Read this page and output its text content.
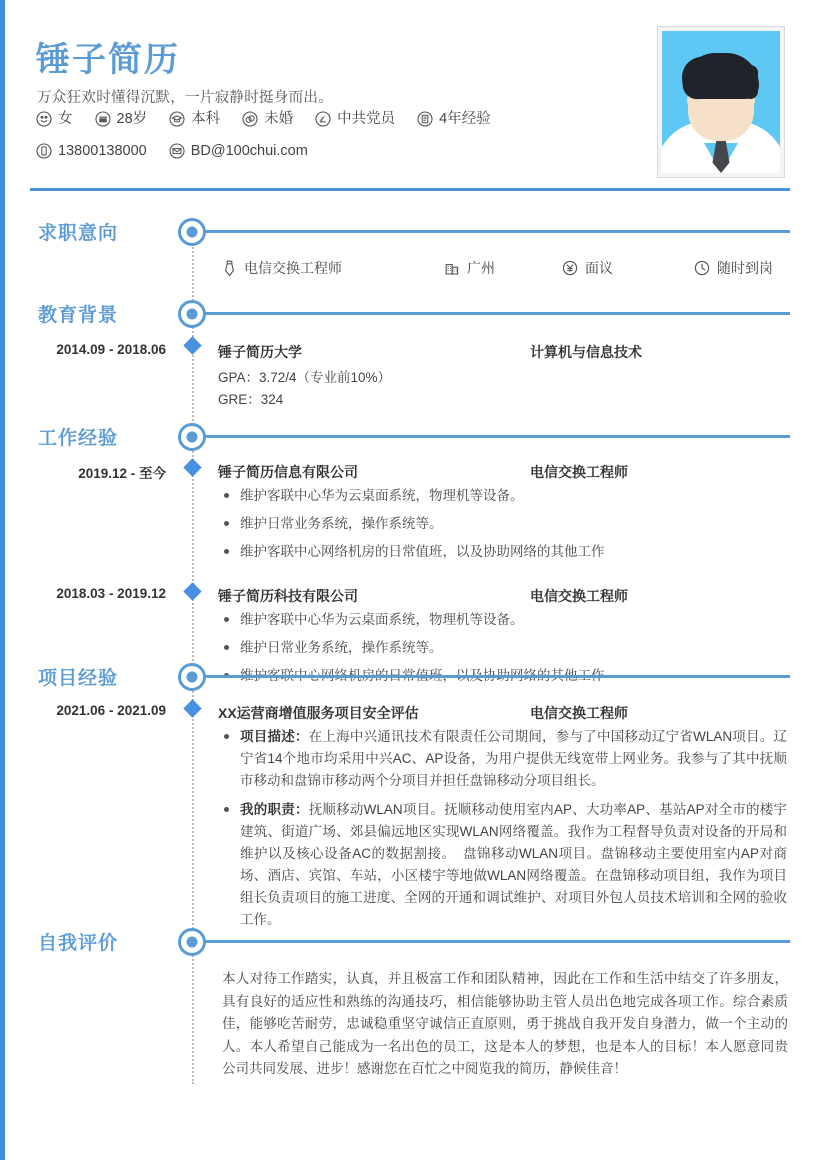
锤子简历
万众狂欢时懂得沉默，一片寂静时挺身而出。
女	28岁	本科	未婚	中共党员	4年经验
13800138000	BD@100chui.com
求职意向
电信交换工程师	广州	面议	随时到岗
教育背景
2014.09 - 2018.06	锤子简历大学	计算机与信息技术
GPA：3.72/4（专业前10%）
GRE：324
工作经验
2019.12 - 至今	锤子简历信息有限公司	电信交换工程师
维护客联中心华为云桌面系统，物理机等设备。
维护日常业务系统，操作系统等。
维护客联中心网络机房的日常值班，以及协助网络的其他工作
2018.03 - 2019.12	锤子简历科技有限公司	电信交换工程师
维护客联中心华为云桌面系统，物理机等设备。
维护日常业务系统，操作系统等。
项目经验
2021.06 - 2021.09	XX运营商增值服务项目安全评估	电信交换工程师
项目描述：在上海中兴通讯技术有限责任公司期间，参与了中国移动辽宁省WLAN项目。辽宁省14个地市均采用中兴AC、AP设备，为用户提供无线宽带上网业务。我参与了其中抚顺市移动和盘锦市移动两个分项目并担任盘锦移动分项目组长。
我的职责：抚顺移动WLAN项目。抚顺移动使用室内AP、大功率AP、基站AP对全市的楼宇建筑、街道广场、郊县偏远地区实现WLAN网络覆盖。我作为工程督导负责对设备的开局和维护以及核心设备AC的数据割接。　盘锦移动WLAN项目。盘锦移动主要使用室内AP对商场、酒店、宾馆、车站，小区楼宇等地做WLAN网络覆盖。在盘锦移动项目组，我作为项目组长负责项目的施工进度、全网的开通和调试维护、对项目外包人员技术培训和全网的验收工作。
自我评价
本人对待工作踏实，认真，并且极富工作和团队精神，因此在工作和生活中结交了许多朋友，具有良好的适应性和熟练的沟通技巧，相信能够协助主管人员出色地完成各项工作。综合素质佳，能够吃苦耐劳，忠诚稳重坚守诚信正直原则，勇于挑战自我开发自身潜力，做一个主动的人。本人希望自己能成为一名出色的员工，这是本人的梦想，也是本人的目标！本人愿意同贵公司共同发展、进步！感谢您在百忙之中阅览我的简历，静候佳音！
